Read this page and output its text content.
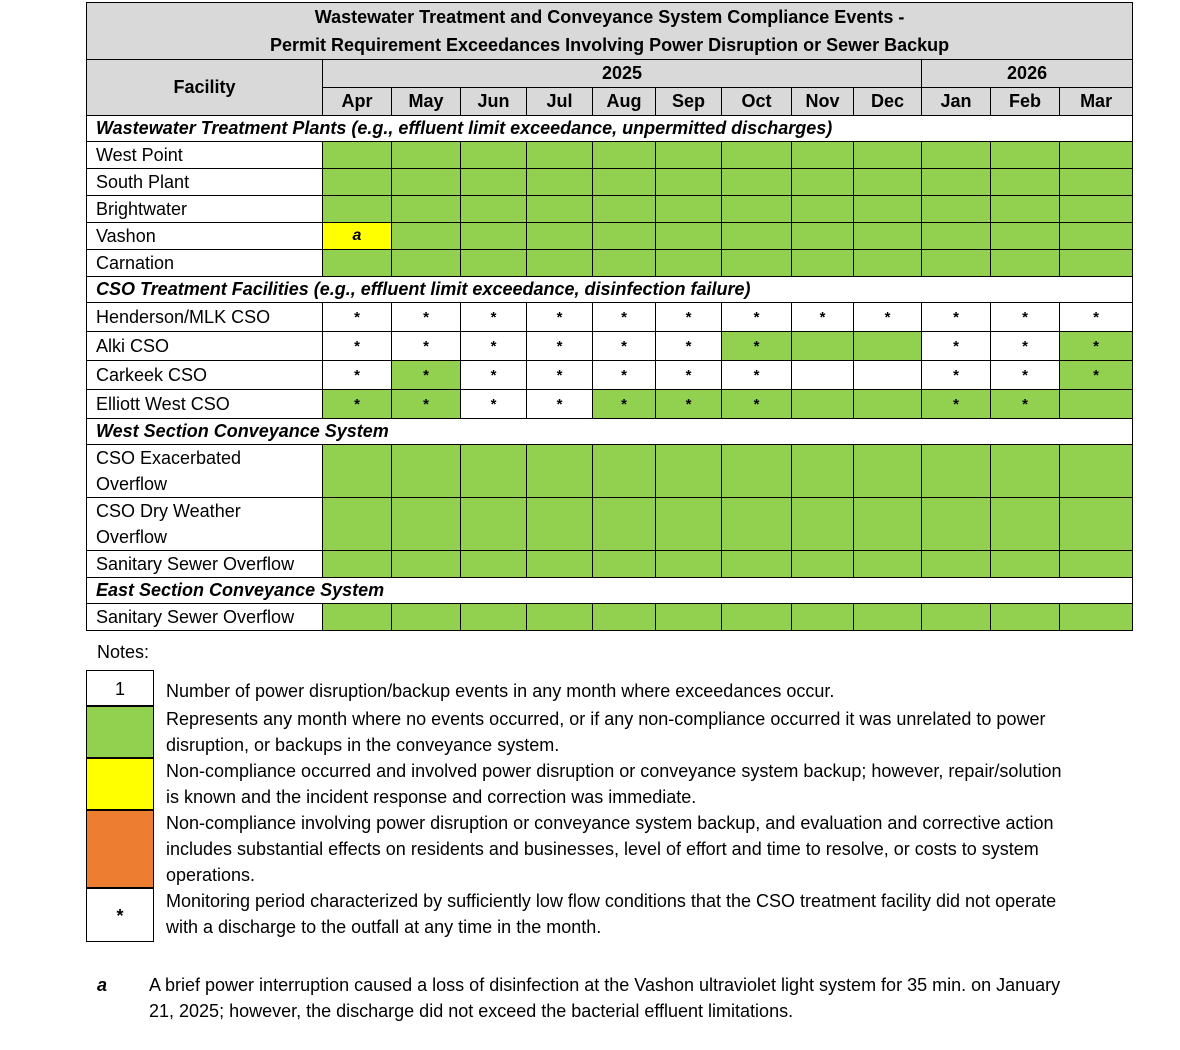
Wastewater Treatment and Conveyance System Compliance Events -
Permit Requirement Exceedances Involving Power Disruption or Sewer Backup												

Facility	2025									2026		
	Apr	May	Jun	Jul	Aug	Sep	Oct	Nov	Dec	Jan	Feb	Mar
Wastewater Treatment Plants (e.g., effluent limit exceedance, unpermitted discharges)												
West Point												
South Plant												
Brightwater												
Vashon	a											
Carnation												
CSO Treatment Facilities (e.g., effluent limit exceedance, disinfection failure)												
Henderson/MLK CSO	*	*	*	*	*	*	*	*	*	*	*	*
Alki CSO	*	*	*	*	*	*	*			*	*	*
Carkeek CSO	*	*	*	*	*	*	*			*	*	*
Elliott West CSO	*	*	*	*	*	*	*			*	*	
West Section Conveyance System												
CSO Exacerbated Overflow												
CSO Dry Weather Overflow												
Sanitary Sewer Overflow												
East Section Conveyance System												
Sanitary Sewer Overflow												
Notes:
1	Number of power disruption/backup events in any month where exceedances occur.
Represents any month where no events occurred, or if any non-compliance occurred it was unrelated to power disruption, or backups in the conveyance system.
Non-compliance occurred and involved power disruption or conveyance system backup; however, repair/solution is known and the incident response and correction was immediate.
Non-compliance involving power disruption or conveyance system backup, and evaluation and corrective action includes substantial effects on residents and businesses, level of effort and time to resolve, or costs to system operations.
*
Monitoring period characterized by sufficiently low flow conditions that the CSO treatment facility did not operate with a discharge to the outfall at any time in the month.
a A brief power interruption caused a loss of disinfection at the Vashon ultraviolet light system for 35 min. on January 21, 2025; however, the discharge did not exceed the bacterial effluent limitations.
